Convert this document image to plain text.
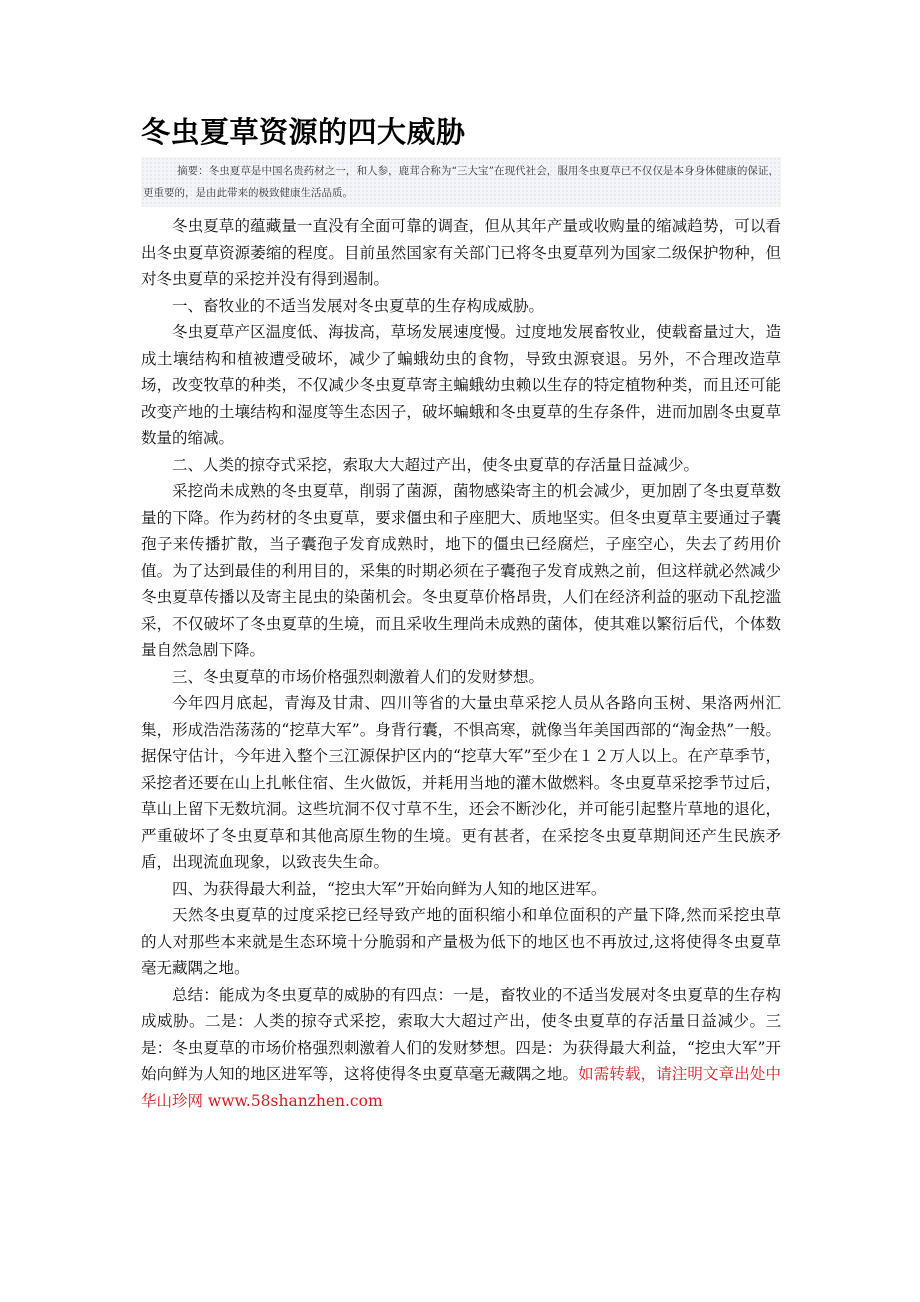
冬虫夏草资源的四大威胁
摘要：冬虫夏草是中国名贵药材之一，和人参，鹿茸合称为“三大宝”在现代社会，服用冬虫夏草已不仅仅是本身身体健康的保证，更重要的，是由此带来的极致健康生活品质。

冬虫夏草的蕴藏量一直没有全面可靠的调查，但从其年产量或收购量的缩减趋势，可以看出冬虫夏草资源萎缩的程度。目前虽然国家有关部门已将冬虫夏草列为国家二级保护物种，但对冬虫夏草的采挖并没有得到遏制。

一、畜牧业的不适当发展对冬虫夏草的生存构成威胁。

冬虫夏草产区温度低、海拔高，草场发展速度慢。过度地发展畜牧业，使载畜量过大，造成土壤结构和植被遭受破坏，减少了蝙蛾幼虫的食物，导致虫源衰退。另外，不合理改造草场，改变牧草的种类，不仅减少冬虫夏草寄主蝙蛾幼虫赖以生存的特定植物种类，而且还可能改变产地的土壤结构和湿度等生态因子，破坏蝙蛾和冬虫夏草的生存条件，进而加剧冬虫夏草数量的缩减。

二、人类的掠夺式采挖，索取大大超过产出，使冬虫夏草的存活量日益减少。

采挖尚未成熟的冬虫夏草，削弱了菌源，菌物感染寄主的机会减少，更加剧了冬虫夏草数量的下降。作为药材的冬虫夏草，要求僵虫和子座肥大、质地坚实。但冬虫夏草主要通过子囊孢子来传播扩散，当子囊孢子发育成熟时，地下的僵虫已经腐烂，子座空心，失去了药用价值。为了达到最佳的利用目的，采集的时期必须在子囊孢子发育成熟之前，但这样就必然减少冬虫夏草传播以及寄主昆虫的染菌机会。冬虫夏草价格昂贵，人们在经济利益的驱动下乱挖滥采，不仅破坏了冬虫夏草的生境，而且采收生理尚未成熟的菌体，使其难以繁衍后代，个体数量自然急剧下降。

三、冬虫夏草的市场价格强烈刺激着人们的发财梦想。

今年四月底起，青海及甘肃、四川等省的大量虫草采挖人员从各路向玉树、果洛两州汇集，形成浩浩荡荡的“挖草大军”。身背行囊，不惧高寒，就像当年美国西部的“淘金热”一般。据保守估计，今年进入整个三江源保护区内的“挖草大军”至少在１２万人以上。在产草季节，采挖者还要在山上扎帐住宿、生火做饭，并耗用当地的灌木做燃料。冬虫夏草采挖季节过后，草山上留下无数坑洞。这些坑洞不仅寸草不生，还会不断沙化，并可能引起整片草地的退化，严重破坏了冬虫夏草和其他高原生物的生境。更有甚者，在采挖冬虫夏草期间还产生民族矛盾，出现流血现象，以致丧失生命。

四、为获得最大利益，“挖虫大军”开始向鲜为人知的地区进军。

天然冬虫夏草的过度采挖已经导致产地的面积缩小和单位面积的产量下降,然而采挖虫草的人对那些本来就是生态环境十分脆弱和产量极为低下的地区也不再放过,这将使得冬虫夏草毫无藏隅之地。

总结：能成为冬虫夏草的威胁的有四点：一是，畜牧业的不适当发展对冬虫夏草的生存构成威胁。二是：人类的掠夺式采挖，索取大大超过产出，使冬虫夏草的存活量日益减少。三是：冬虫夏草的市场价格强烈刺激着人们的发财梦想。四是：为获得最大利益，“挖虫大军”开始向鲜为人知的地区进军等，这将使得冬虫夏草毫无藏隅之地。如需转载，请注明文章出处中华山珍网 www.58shanzhen.com
